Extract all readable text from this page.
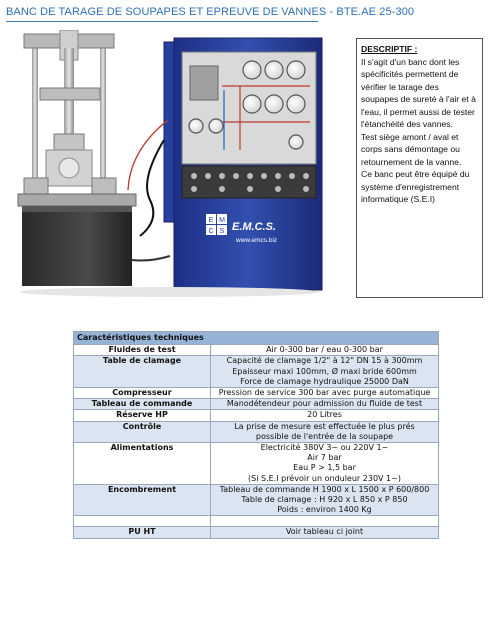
BANC DE TARAGE DE SOUPAPES ET EPREUVE DE VANNES - BTE.AE 25-300
E M
C S E.M.C.S.
www.emcs.biz
DESCRIPTIF :

Il s'agit d'un banc dont les spécificités permettent de vérifier le tarage des soupapes de sureté à l'air et à l'eau, il permet aussi de tester l'étanchéité des vannes.

Test siège amont / aval et corps sans démontage ou retournement de la vanne.

Ce banc peut être équipé du système d'enregistrement informatique (S.E.I)

Caractéristiques techniques	
Fluides de test	Air 0-300 bar / eau 0-300 bar

Table de clamage	Capacité de clamage 1/2" à 12" DN 15 à 300mm
Epaisseur maxi 100mm, Ø maxi bride 600mm
Force de clamage hydraulique 25000 DaN

Compresseur	Pression de service 300 bar avec purge automatique

Tableau de commande	Manodétendeur pour admission du fluide de test

Réserve HP	20 Litres

Contrôle	La prise de mesure est effectuée le plus prés
possible de l'entrée de la soupape

Alimentations	Electricité 380V 3~ ou 220V 1~
Air 7 bar
Eau P > 1,5 bar
(Si S.E.I prévoir un onduleur 230V 1~)

Encombrement	Tableau de commande H 1900 x L 1500 x P 600/800
Table de clamage : H 920 x L 850 x P 850
Poids : environ 1400 Kg

PU HT	Voir tableau ci joint
